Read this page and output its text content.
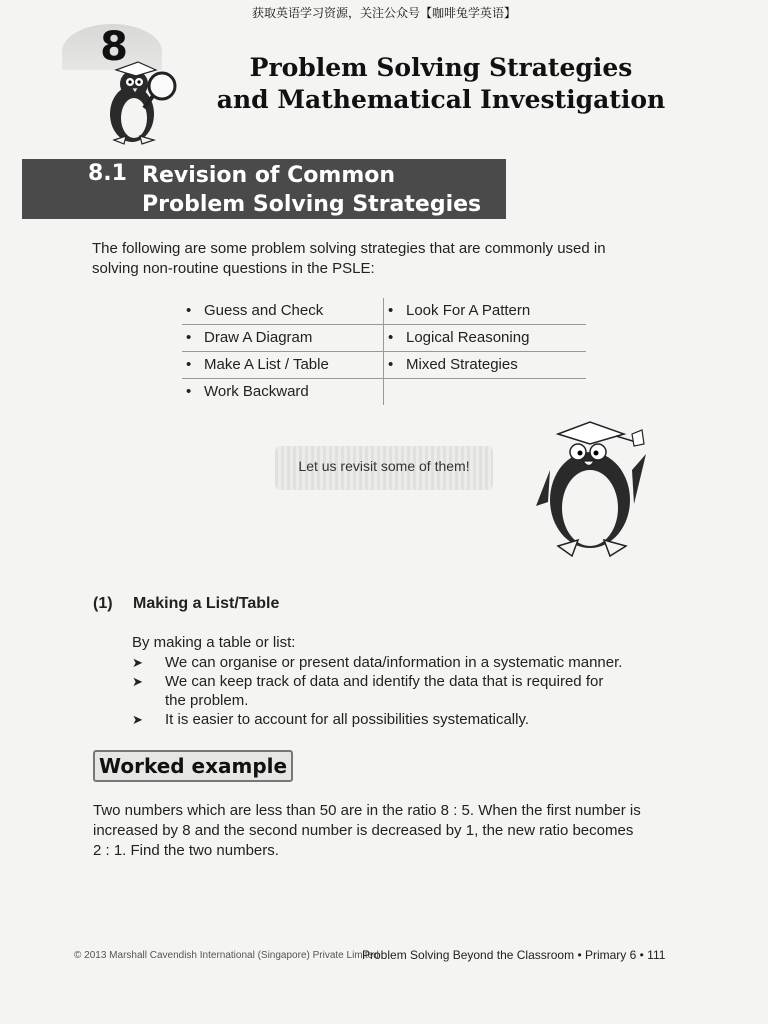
获取英语学习资源，关注公众号【咖啡兔学英语】
8	Problem Solving Strategies
and Mathematical Investigation
8.1 Revision of Common
Problem Solving Strategies
The following are some problem solving strategies that are commonly used in
solving non-routine questions in the PSLE:
• Guess and Check	• Look For A Pattern
• Draw A Diagram	• Logical Reasoning
• Make A List / Table	• Mixed Strategies
• Work Backward
Let us revisit some of them!
(1) Making a List/Table
By making a table or list:
➤	We can organise or present data/information in a systematic manner.
➤	We can keep track of data and identify the data that is required for
the problem.
➤	It is easier to account for all possibilities systematically.
Worked example
Two numbers which are less than 50 are in the ratio 8 : 5. When the first number is
increased by 8 and the second number is decreased by 1, the new ratio becomes
2 : 1. Find the two numbers.
© 2013 Marshall Cavendish International (Singapore) Private Limited
Problem Solving Beyond the Classroom • Primary 6 • 111
